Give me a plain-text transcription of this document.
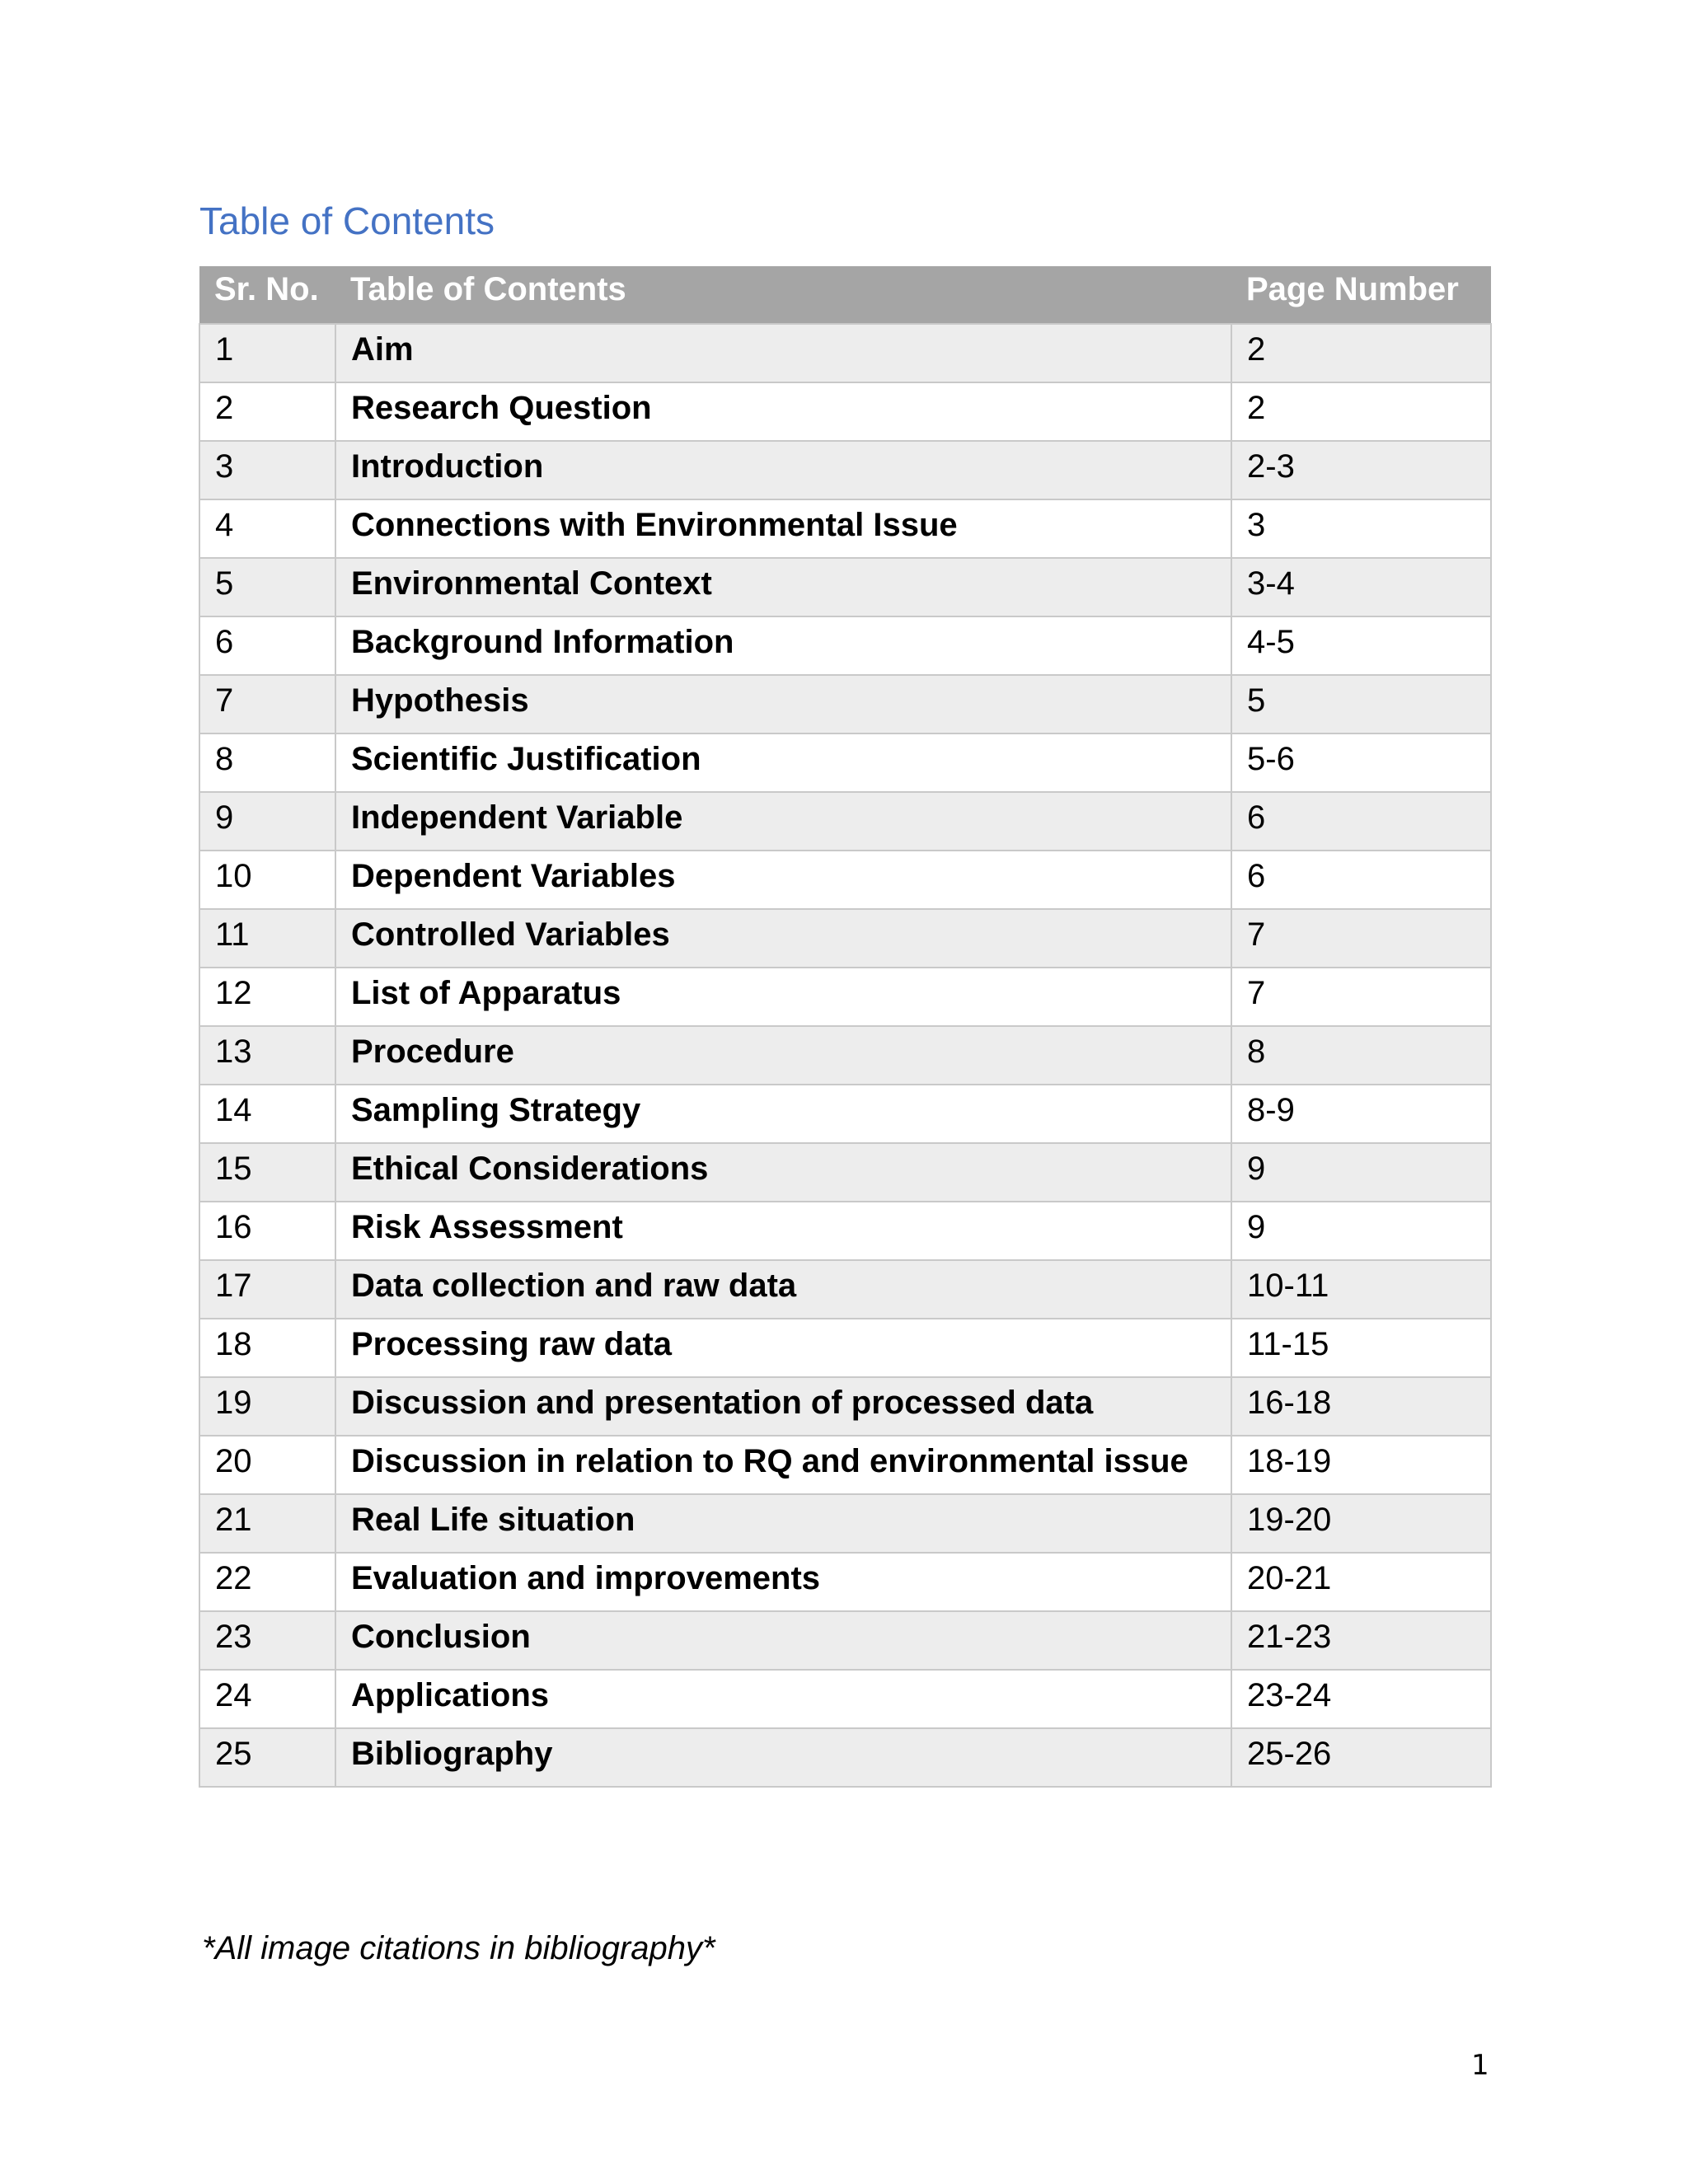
Table of Contents
Sr. No.	Table of Contents	Page Number
1	Aim	2
2	Research Question	2
3	Introduction	2-3
4	Connections with Environmental Issue	3
5	Environmental Context	3-4
6	Background Information	4-5
7	Hypothesis	5
8	Scientific Justification	5-6
9	Independent Variable	6
10	Dependent Variables	6
11	Controlled Variables	7
12	List of Apparatus	7
13	Procedure	8
14	Sampling Strategy	8-9
15	Ethical Considerations	9
16	Risk Assessment	9
17	Data collection and raw data	10-11
18	Processing raw data	11-15
19	Discussion and presentation of processed data	16-18
20	Discussion in relation to RQ and environmental issue	18-19
21	Real Life situation	19-20
22	Evaluation and improvements	20-21
23	Conclusion	21-23
24	Applications	23-24
25	Bibliography	25-26

*All image citations in bibliography*

1
